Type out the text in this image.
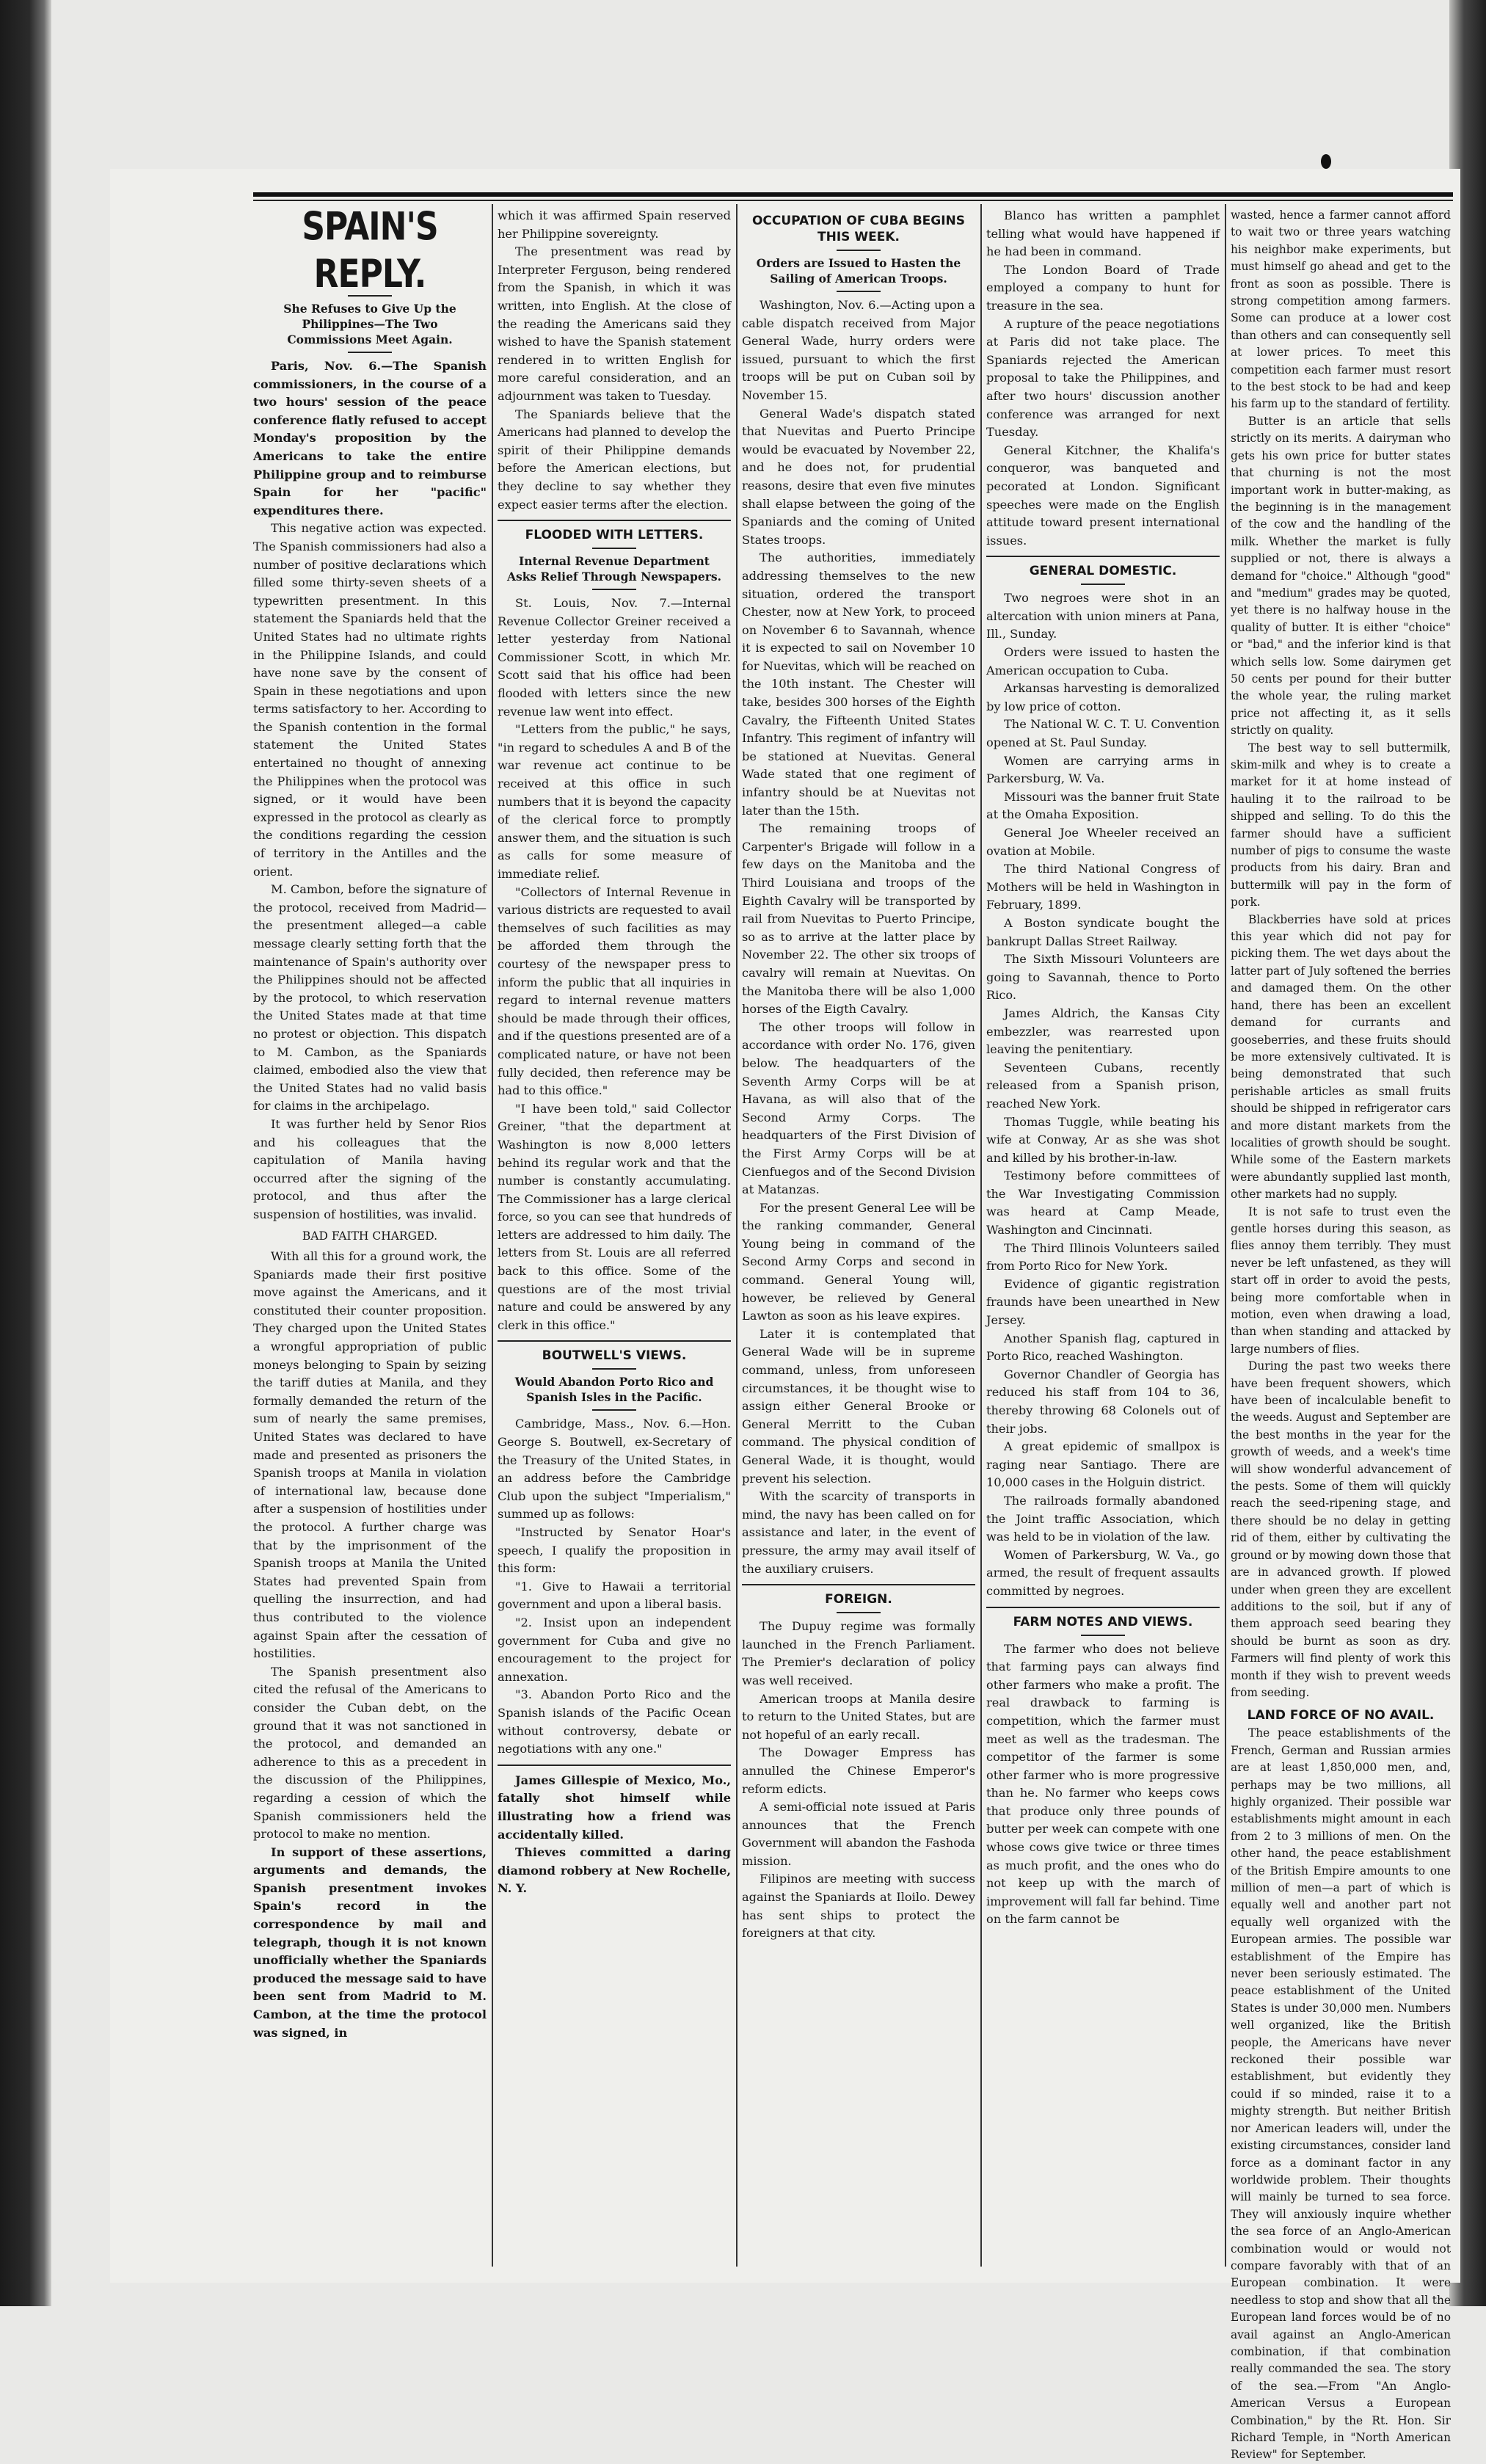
SPAIN'S REPLY.
She Refuses to Give Up the Philippines—The Two Commissions Meet Again.

Paris, Nov. 6.—The Spanish commissioners, in the course of a two hours' session of the peace conference flatly refused to accept Monday's proposition by the Americans to take the entire Philippine group and to reimburse Spain for her "pacific" expenditures there.

This negative action was expected. The Spanish commissioners had also a number of positive declarations which filled some thirty-seven sheets of a typewritten presentment. In this statement the Spaniards held that the United States had no ultimate rights in the Philippine Islands, and could have none save by the consent of Spain in these negotiations and upon terms satisfactory to her. According to the Spanish contention in the formal statement the United States entertained no thought of annexing the Philippines when the protocol was signed, or it would have been expressed in the protocol as clearly as the conditions regarding the cession of territory in the Antilles and the orient.

M. Cambon, before the signature of the protocol, received from Madrid—the presentment alleged—a cable message clearly setting forth that the maintenance of Spain's authority over the Philippines should not be affected by the protocol, to which reservation the United States made at that time no protest or objection. This dispatch to M. Cambon, as the Spaniards claimed, embodied also the view that the United States had no valid basis for claims in the archipelago.

It was further held by Senor Rios and his colleagues that the capitulation of Manila having occurred after the signing of the protocol, and thus after the suspension of hostilities, was invalid.

BAD FAITH CHARGED.

With all this for a ground work, the Spaniards made their first positive move against the Americans, and it constituted their counter proposition. They charged upon the United States a wrongful appropriation of public moneys belonging to Spain by seizing the tariff duties at Manila, and they formally demanded the return of the sum of nearly the same premises, United States was declared to have made and presented as prisoners the Spanish troops at Manila in violation of international law, because done after a suspension of hostilities under the protocol. A further charge was that by the imprisonment of the Spanish troops at Manila the United States had prevented Spain from quelling the insurrection, and had thus contributed to the violence against Spain after the cessation of hostilities.

The Spanish presentment also cited the refusal of the Americans to consider the Cuban debt, on the ground that it was not sanctioned in the protocol, and demanded an adherence to this as a precedent in the discussion of the Philippines, regarding a cession of which the Spanish commissioners held the protocol to make no mention.

In support of these assertions, arguments and demands, the Spanish presentment invokes Spain's record in the correspondence by mail and telegraph, though it is not known unofficially whether the Spaniards produced the message said to have been sent from Madrid to M. Cambon, at the time the protocol was signed, in

which it was affirmed Spain reserved her Philippine sovereignty.

The presentment was read by Interpreter Ferguson, being rendered from the Spanish, in which it was written, into English. At the close of the reading the Americans said they wished to have the Spanish statement rendered in to written English for more careful consideration, and an adjournment was taken to Tuesday.

The Spaniards believe that the Americans had planned to develop the spirit of their Philippine demands before the American elections, but they decline to say whether they expect easier terms after the election.

FLOODED WITH LETTERS.
Internal Revenue Department Asks Relief Through Newspapers.

St. Louis, Nov. 7.—Internal Revenue Collector Greiner received a letter yesterday from National Commissioner Scott, in which Mr. Scott said that his office had been flooded with letters since the new revenue law went into effect.

"Letters from the public," he says, "in regard to schedules A and B of the war revenue act continue to be received at this office in such numbers that it is beyond the capacity of the clerical force to promptly answer them, and the situation is such as calls for some measure of immediate relief.

"Collectors of Internal Revenue in various districts are requested to avail themselves of such facilities as may be afforded them through the courtesy of the newspaper press to inform the public that all inquiries in regard to internal revenue matters should be made through their offices, and if the questions presented are of a complicated nature, or have not been fully decided, then reference may be had to this office."

"I have been told," said Collector Greiner, "that the department at Washington is now 8,000 letters behind its regular work and that the number is constantly accumulating. The Commissioner has a large clerical force, so you can see that hundreds of letters are addressed to him daily. The letters from St. Louis are all referred back to this office. Some of the questions are of the most trivial nature and could be answered by any clerk in this office."

BOUTWELL'S VIEWS.
Would Abandon Porto Rico and Spanish Isles in the Pacific.

Cambridge, Mass., Nov. 6.—Hon. George S. Boutwell, ex-Secretary of the Treasury of the United States, in an address before the Cambridge Club upon the subject "Imperialism," summed up as follows:

"Instructed by Senator Hoar's speech, I qualify the proposition in this form:

"1. Give to Hawaii a territorial government and upon a liberal basis.

"2. Insist upon an independent government for Cuba and give no encouragement to the project for annexation.

"3. Abandon Porto Rico and the Spanish islands of the Pacific Ocean without controversy, debate or negotiations with any one."

James Gillespie of Mexico, Mo., fatally shot himself while illustrating how a friend was accidentally killed.

Thieves committed a daring diamond robbery at New Rochelle, N. Y.

OCCUPATION OF CUBA BEGINS THIS WEEK.
Orders are Issued to Hasten the Sailing of American Troops.

Washington, Nov. 6.—Acting upon a cable dispatch received from Major General Wade, hurry orders were issued, pursuant to which the first troops will be put on Cuban soil by November 15.

General Wade's dispatch stated that Nuevitas and Puerto Principe would be evacuated by November 22, and he does not, for prudential reasons, desire that even five minutes shall elapse between the going of the Spaniards and the coming of United States troops.

The authorities, immediately addressing themselves to the new situation, ordered the transport Chester, now at New York, to proceed on November 6 to Savannah, whence it is expected to sail on November 10 for Nuevitas, which will be reached on the 10th instant. The Chester will take, besides 300 horses of the Eighth Cavalry, the Fifteenth United States Infantry. This regiment of infantry will be stationed at Nuevitas. General Wade stated that one regiment of infantry should be at Nuevitas not later than the 15th.

The remaining troops of Carpenter's Brigade will follow in a few days on the Manitoba and the Third Louisiana and troops of the Eighth Cavalry will be transported by rail from Nuevitas to Puerto Principe, so as to arrive at the latter place by November 22. The other six troops of cavalry will remain at Nuevitas. On the Manitoba there will be also 1,000 horses of the Eigth Cavalry.

The other troops will follow in accordance with order No. 176, given below. The headquarters of the Seventh Army Corps will be at Havana, as will also that of the Second Army Corps. The headquarters of the First Division of the First Army Corps will be at Cienfuegos and of the Second Division at Matanzas.

For the present General Lee will be the ranking commander, General Young being in command of the Second Army Corps and second in command. General Young will, however, be relieved by General Lawton as soon as his leave expires.

Later it is contemplated that General Wade will be in supreme command, unless, from unforeseen circumstances, it be thought wise to assign either General Brooke or General Merritt to the Cuban command. The physical condition of General Wade, it is thought, would prevent his selection.

With the scarcity of transports in mind, the navy has been called on for assistance and later, in the event of pressure, the army may avail itself of the auxiliary cruisers.

FOREIGN.

The Dupuy regime was formally launched in the French Parliament. The Premier's declaration of policy was well received.

American troops at Manila desire to return to the United States, but are not hopeful of an early recall.

The Dowager Empress has annulled the Chinese Emperor's reform edicts.

A semi-official note issued at Paris announces that the French Government will abandon the Fashoda mission.

Filipinos are meeting with success against the Spaniards at Iloilo. Dewey has sent ships to protect the foreigners at that city.

Blanco has written a pamphlet telling what would have happened if he had been in command.

The London Board of Trade employed a company to hunt for treasure in the sea.

A rupture of the peace negotiations at Paris did not take place. The Spaniards rejected the American proposal to take the Philippines, and after two hours' discussion another conference was arranged for next Tuesday.

General Kitchner, the Khalifa's conqueror, was banqueted and pecorated at London. Significant speeches were made on the English attitude toward present international issues.

GENERAL DOMESTIC.

Two negroes were shot in an altercation with union miners at Pana, Ill., Sunday.

Orders were issued to hasten the American occupation to Cuba.

Arkansas harvesting is demoralized by low price of cotton.

The National W. C. T. U. Convention opened at St. Paul Sunday.

Women are carrying arms in Parkersburg, W. Va.

Missouri was the banner fruit State at the Omaha Exposition.

General Joe Wheeler received an ovation at Mobile.

The third National Congress of Mothers will be held in Washington in February, 1899.

A Boston syndicate bought the bankrupt Dallas Street Railway.

The Sixth Missouri Volunteers are going to Savannah, thence to Porto Rico.

James Aldrich, the Kansas City embezzler, was rearrested upon leaving the penitentiary.

Seventeen Cubans, recently released from a Spanish prison, reached New York.

Thomas Tuggle, while beating his wife at Conway, Ar as she was shot and killed by his brother-in-law.

Testimony before committees of the War Investigating Commission was heard at Camp Meade, Washington and Cincinnati.

The Third Illinois Volunteers sailed from Porto Rico for New York.

Evidence of gigantic registration fraunds have been unearthed in New Jersey.

Another Spanish flag, captured in Porto Rico, reached Washington.

Governor Chandler of Georgia has reduced his staff from 104 to 36, thereby throwing 68 Colonels out of their jobs.

A great epidemic of smallpox is raging near Santiago. There are 10,000 cases in the Holguin district.

The railroads formally abandoned the Joint traffic Association, which was held to be in violation of the law.

Women of Parkersburg, W. Va., go armed, the result of frequent assaults committed by negroes.

FARM NOTES AND VIEWS.

The farmer who does not believe that farming pays can always find other farmers who make a profit. The real drawback to farming is competition, which the farmer must meet as well as the tradesman. The competitor of the farmer is some other farmer who is more progressive than he. No farmer who keeps cows that produce only three pounds of butter per week can compete with one whose cows give twice or three times as much profit, and the ones who do not keep up with the march of improvement will fall far behind. Time on the farm cannot be

wasted, hence a farmer cannot afford to wait two or three years watching his neighbor make experiments, but must himself go ahead and get to the front as soon as possible. There is strong competition among farmers. Some can produce at a lower cost than others and can consequently sell at lower prices. To meet this competition each farmer must resort to the best stock to be had and keep his farm up to the standard of fertility.

Butter is an article that sells strictly on its merits. A dairyman who gets his own price for butter states that churning is not the most important work in butter-making, as the beginning is in the management of the cow and the handling of the milk. Whether the market is fully supplied or not, there is always a demand for "choice." Although "good" and "medium" grades may be quoted, yet there is no halfway house in the quality of butter. It is either "choice" or "bad," and the inferior kind is that which sells low. Some dairymen get 50 cents per pound for their butter the whole year, the ruling market price not affecting it, as it sells strictly on quality.

The best way to sell buttermilk, skim-milk and whey is to create a market for it at home instead of hauling it to the railroad to be shipped and selling. To do this the farmer should have a sufficient number of pigs to consume the waste products from his dairy. Bran and buttermilk will pay in the form of pork.

Blackberries have sold at prices this year which did not pay for picking them. The wet days about the latter part of July softened the berries and damaged them. On the other hand, there has been an excellent demand for currants and gooseberries, and these fruits should be more extensively cultivated. It is being demonstrated that such perishable articles as small fruits should be shipped in refrigerator cars and more distant markets from the localities of growth should be sought. While some of the Eastern markets were abundantly supplied last month, other markets had no supply.

It is not safe to trust even the gentle horses during this season, as flies annoy them terribly. They must never be left unfastened, as they will start off in order to avoid the pests, being more comfortable when in motion, even when drawing a load, than when standing and attacked by large numbers of flies.

During the past two weeks there have been frequent showers, which have been of incalculable benefit to the weeds. August and September are the best months in the year for the growth of weeds, and a week's time will show wonderful advancement of the pests. Some of them will quickly reach the seed-ripening stage, and there should be no delay in getting rid of them, either by cultivating the ground or by mowing down those that are in advanced growth. If plowed under when green they are excellent additions to the soil, but if any of them approach seed bearing they should be burnt as soon as dry. Farmers will find plenty of work this month if they wish to prevent weeds from seeding.

LAND FORCE OF NO AVAIL.

The peace establishments of the French, German and Russian armies are at least 1,850,000 men, and, perhaps may be two millions, all highly organized. Their possible war establishments might amount in each from 2 to 3 millions of men. On the other hand, the peace establishment of the British Empire amounts to one million of men—a part of which is equally well and another part not equally well organized with the European armies. The possible war establishment of the Empire has never been seriously estimated. The peace establishment of the United States is under 30,000 men. Numbers well organized, like the British people, the Americans have never reckoned their possible war establishment, but evidently they could if so minded, raise it to a mighty strength. But neither British nor American leaders will, under the existing circumstances, consider land force as a dominant factor in any worldwide problem. Their thoughts will mainly be turned to sea force. They will anxiously inquire whether the sea force of an Anglo-American combination would or would not compare favorably with that of an European combination. It were needless to stop and show that all the European land forces would be of no avail against an Anglo-American combination, if that combination really commanded the sea. The story of the sea.—From "An Anglo-American Versus a European Combination," by the Rt. Hon. Sir Richard Temple, in "North American Review" for September.
